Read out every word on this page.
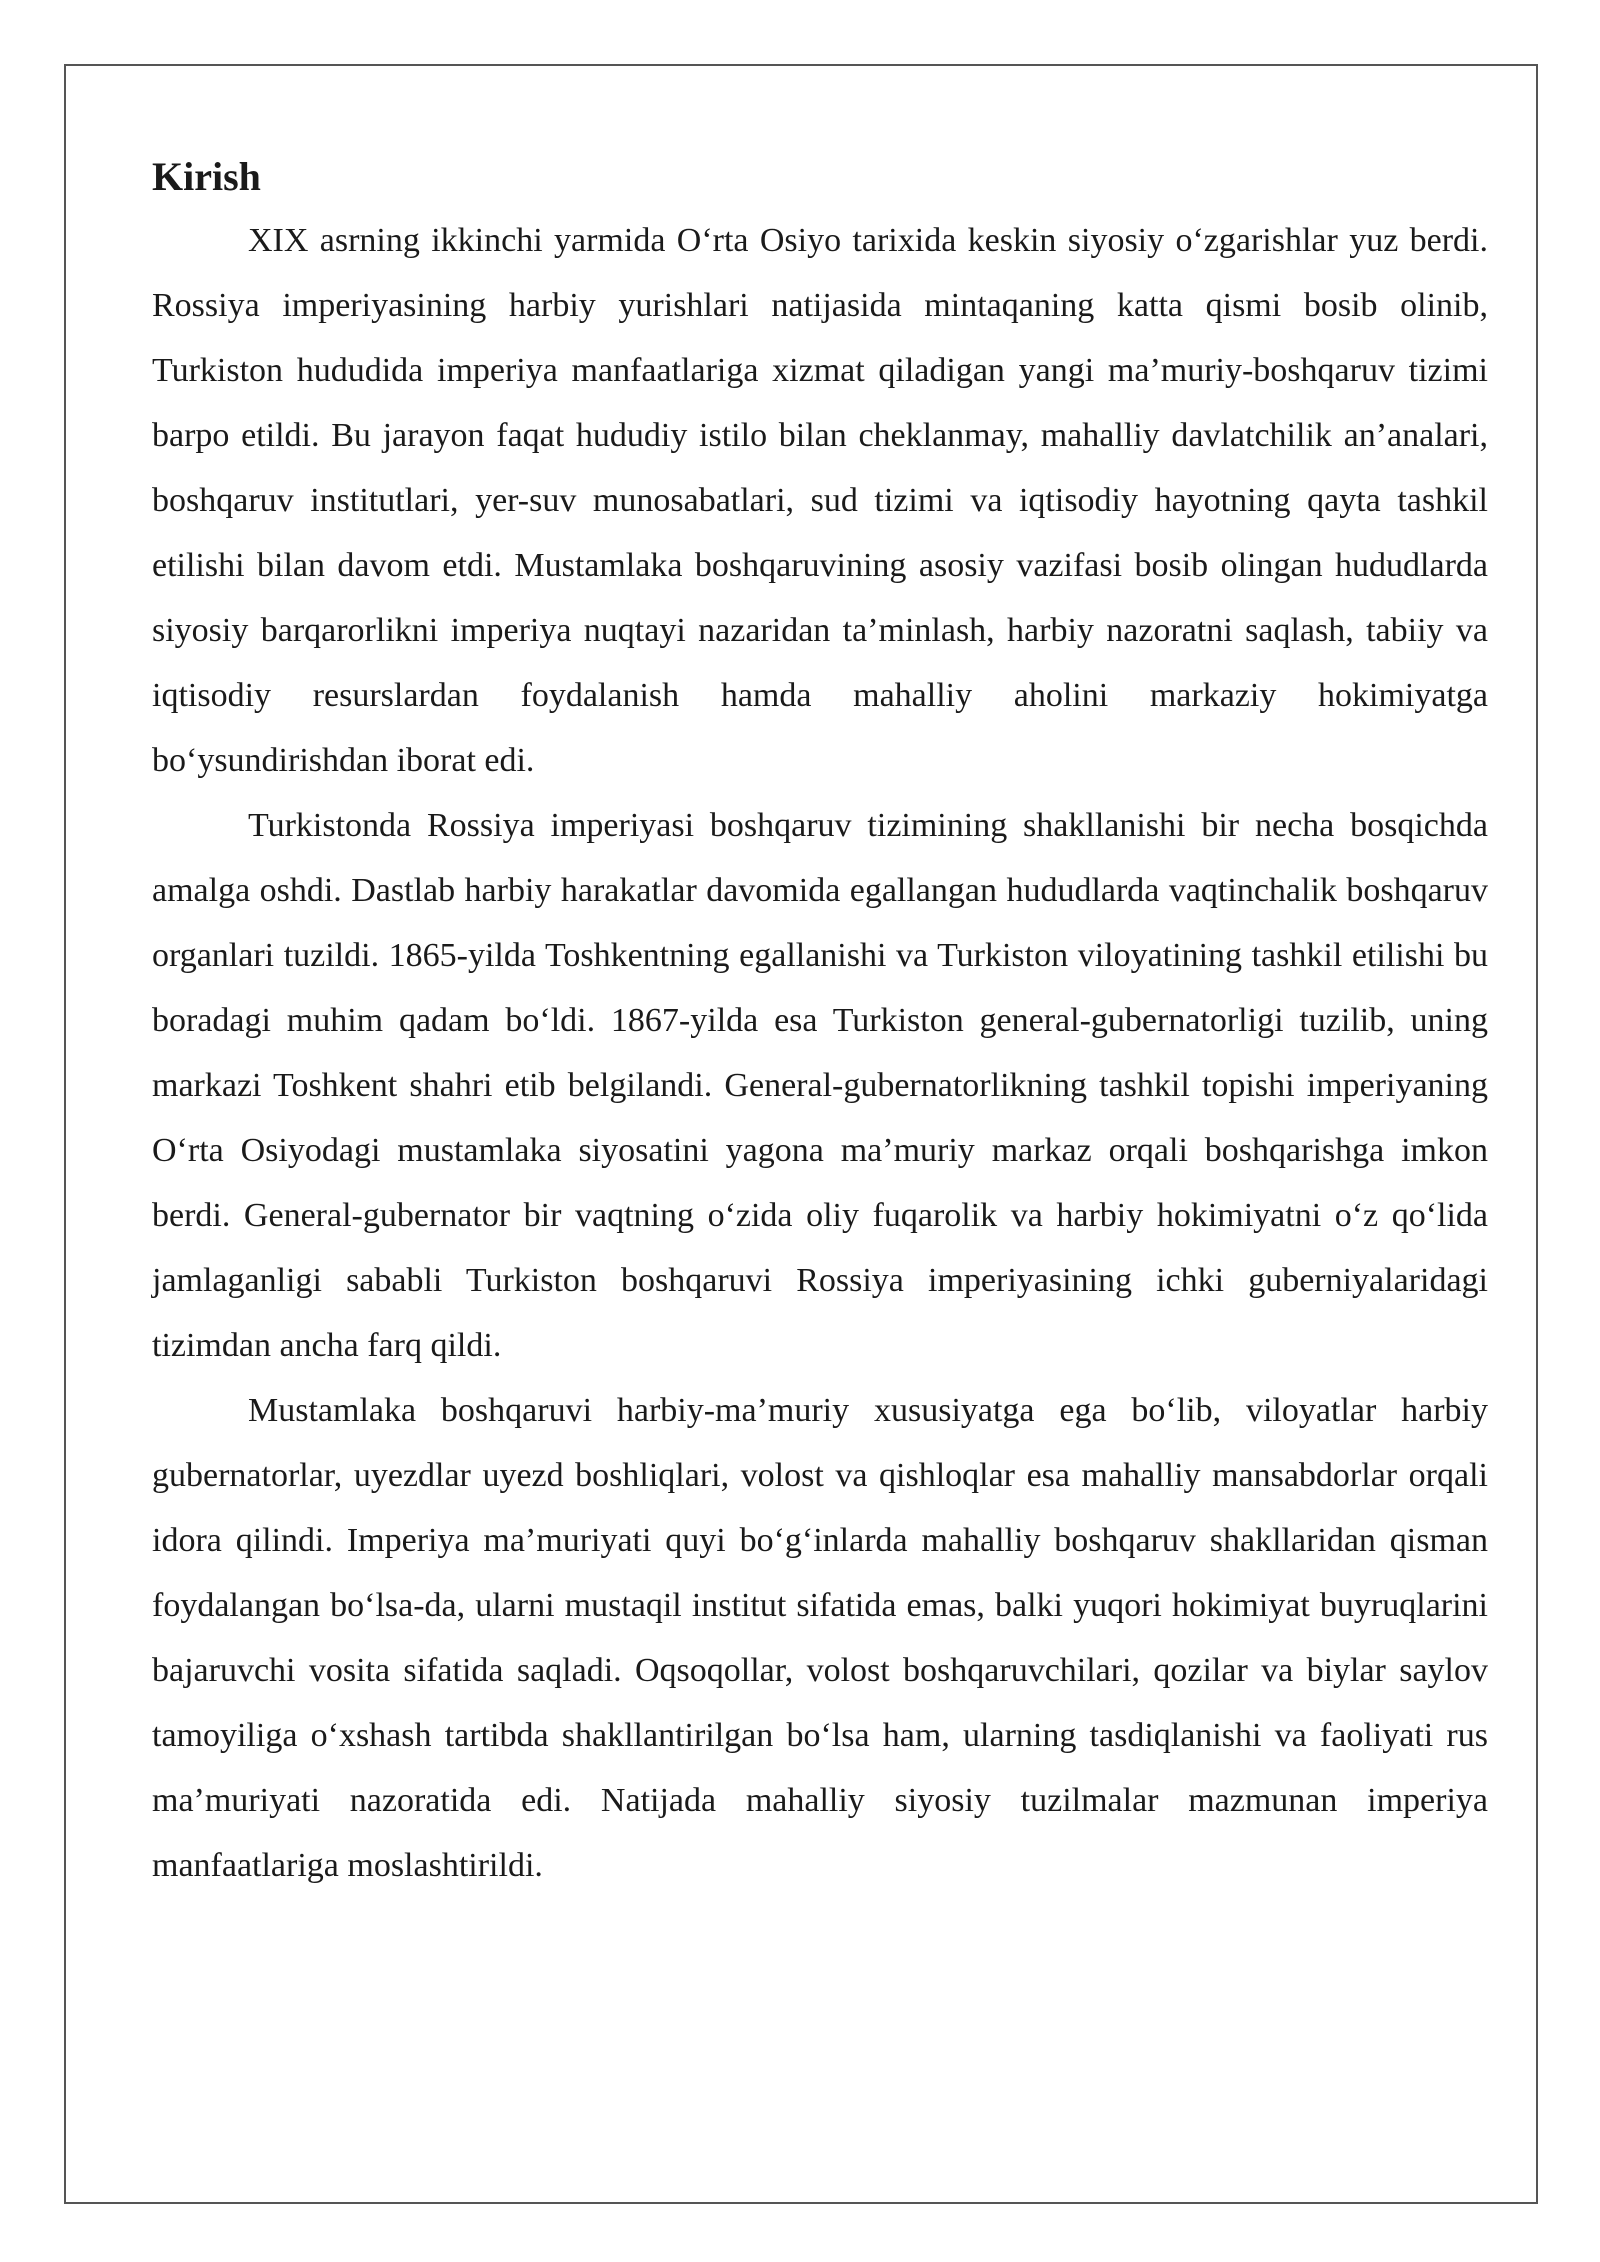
Kirish

XIX asrning ikkinchi yarmida O‘rta Osiyo tarixida keskin siyosiy o‘zgarishlar yuz berdi. Rossiya imperiyasining harbiy yurishlari natijasida mintaqaning katta qismi bosib olinib, Turkiston hududida imperiya manfaatlariga xizmat qiladigan yangi ma’muriy-boshqaruv tizimi barpo etildi. Bu jarayon faqat hududiy istilo bilan cheklanmay, mahalliy davlatchilik an’analari, boshqaruv institutlari, yer-suv munosabatlari, sud tizimi va iqtisodiy hayotning qayta tashkil etilishi bilan davom etdi. Mustamlaka boshqaruvining asosiy vazifasi bosib olingan hududlarda siyosiy barqarorlikni imperiya nuqtayi nazaridan ta’minlash, harbiy nazoratni saqlash, tabiiy va iqtisodiy resurslardan foydalanish hamda mahalliy aholini markaziy hokimiyatga bo‘ysundirishdan iborat edi.

Turkistonda Rossiya imperiyasi boshqaruv tizimining shakllanishi bir necha bosqichda amalga oshdi. Dastlab harbiy harakatlar davomida egallangan hududlarda vaqtinchalik boshqaruv organlari tuzildi. 1865-yilda Toshkentning egallanishi va Turkiston viloyatining tashkil etilishi bu boradagi muhim qadam bo‘ldi. 1867-yilda esa Turkiston general-gubernatorligi tuzilib, uning markazi Toshkent shahri etib belgilandi. General-gubernatorlikning tashkil topishi imperiyaning O‘rta Osiyodagi mustamlaka siyosatini yagona ma’muriy markaz orqali boshqarishga imkon berdi. General-gubernator bir vaqtning o‘zida oliy fuqarolik va harbiy hokimiyatni o‘z qo‘lida jamlaganligi sababli Turkiston boshqaruvi Rossiya imperiyasining ichki guberniyalaridagi tizimdan ancha farq qildi.

Mustamlaka boshqaruvi harbiy-ma’muriy xususiyatga ega bo‘lib, viloyatlar harbiy gubernatorlar, uyezdlar uyezd boshliqlari, volost va qishloqlar esa mahalliy mansabdorlar orqali idora qilindi. Imperiya ma’muriyati quyi bo‘g‘inlarda mahalliy boshqaruv shakllaridan qisman foydalangan bo‘lsa-da, ularni mustaqil institut sifatida emas, balki yuqori hokimiyat buyruqlarini bajaruvchi vosita sifatida saqladi. Oqsoqollar, volost boshqaruvchilari, qozilar va biylar saylov tamoyiliga o‘xshash tartibda shakllantirilgan bo‘lsa ham, ularning tasdiqlanishi va faoliyati rus ma’muriyati nazoratida edi. Natijada mahalliy siyosiy tuzilmalar mazmunan imperiya manfaatlariga moslashtirildi.
